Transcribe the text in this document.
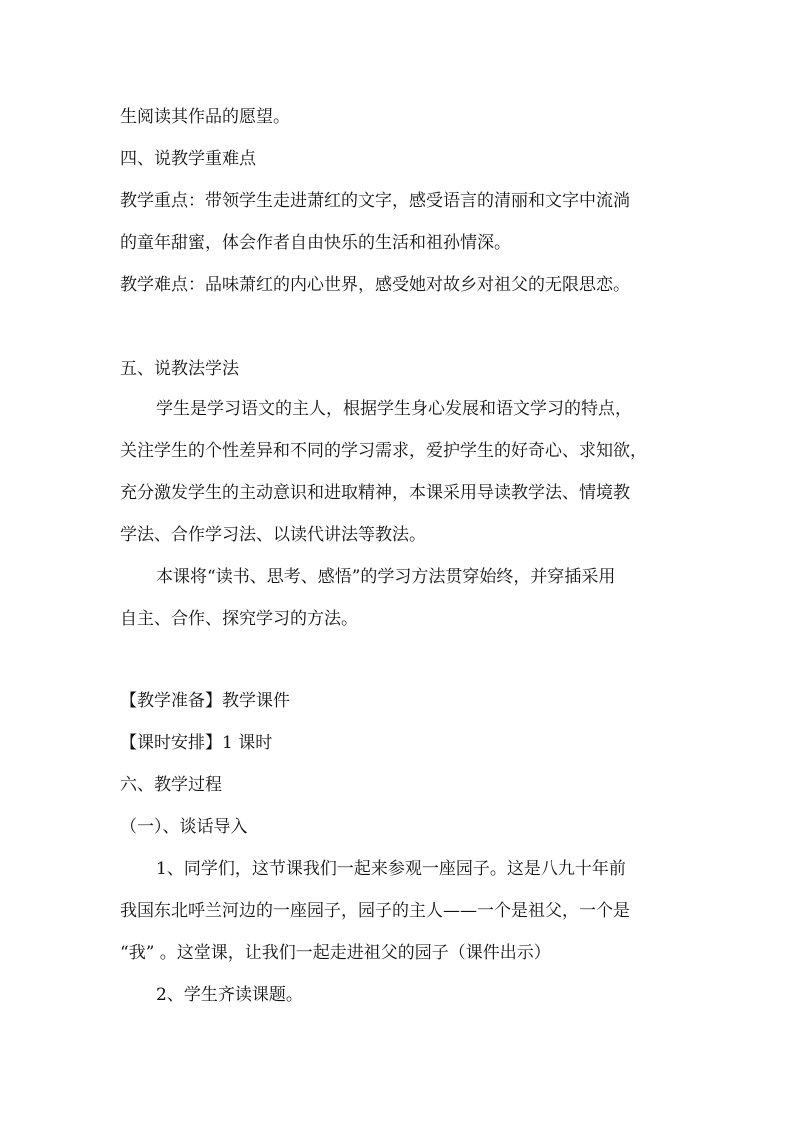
生阅读其作品的愿望。
四、说教学重难点
教学重点：带领学生走进萧红的文字，感受语言的清丽和文字中流淌
的童年甜蜜，体会作者自由快乐的生活和祖孙情深。
教学难点：品味萧红的内心世界，感受她对故乡对祖父的无限思恋。
五、说教法学法
学生是学习语文的主人，根据学生身心发展和语文学习的特点，
关注学生的个性差异和不同的学习需求，爱护学生的好奇心、求知欲，
充分激发学生的主动意识和进取精神，本课采用导读教学法、情境教
学法、合作学习法、以读代讲法等教法。
本课将“读书、思考、感悟”的学习方法贯穿始终，并穿插采用
自主、合作、探究学习的方法。
【教学准备】教学课件
【课时安排】1 课时
六、教学过程
（一）、谈话导入
1、同学们，这节课我们一起来参观一座园子。这是八九十年前
我国东北呼兰河边的一座园子，园子的主人——一个是祖父，一个是
“我” 。这堂课，让我们一起走进祖父的园子（课件出示）
2、学生齐读课题。
